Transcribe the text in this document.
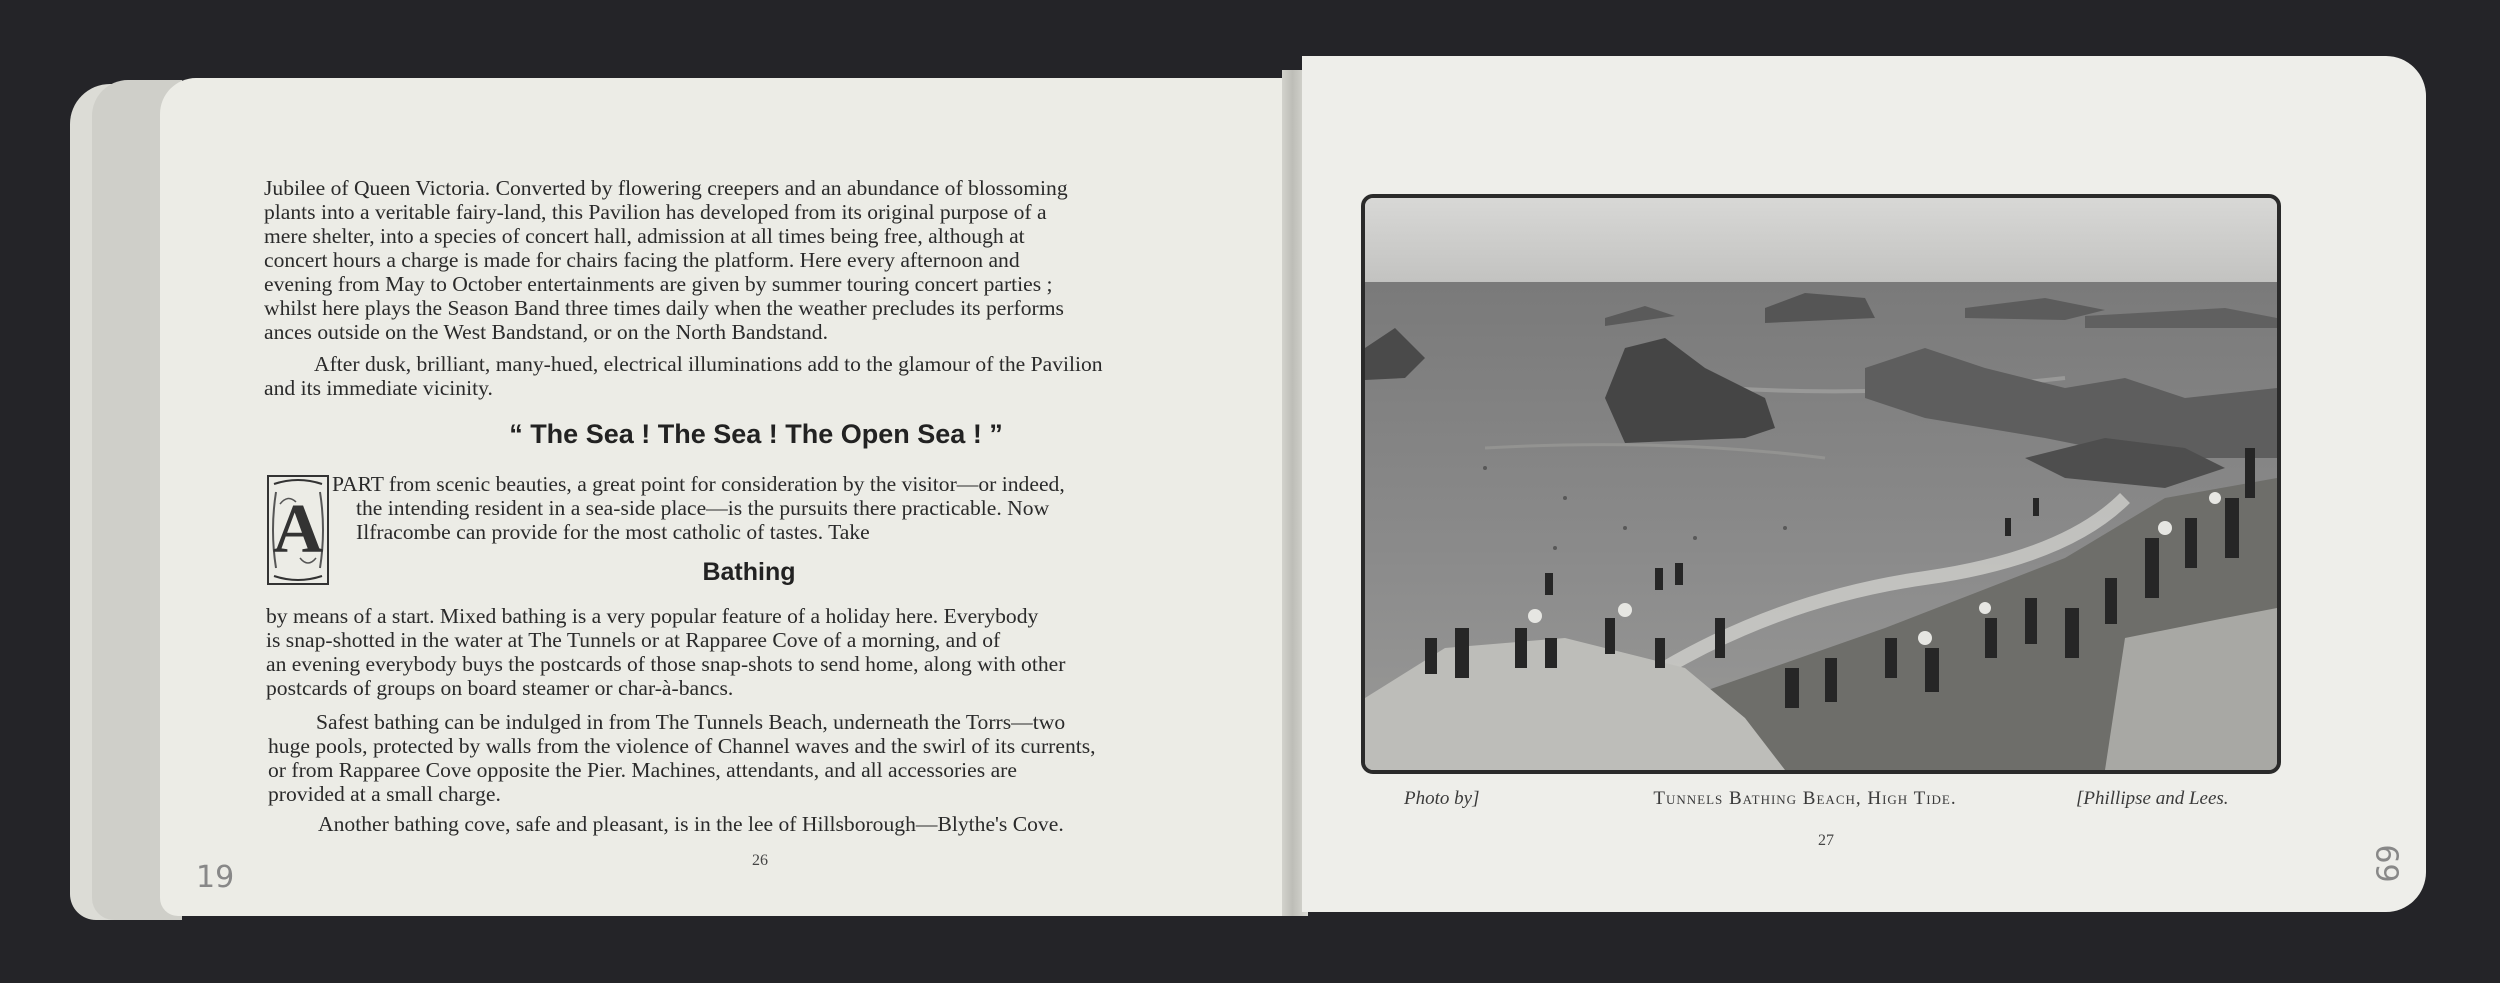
Jubilee of Queen Victoria. Converted by flowering creepers and an abundance of blossoming
plants into a veritable fairy-land, this Pavilion has developed from its original purpose of a
mere shelter, into a species of concert hall, admission at all times being free, although at
concert hours a charge is made for chairs facing the platform. Here every afternoon and
evening from May to October entertainments are given by summer touring concert parties ;
whilst here plays the Season Band three times daily when the weather precludes its performs
ances outside on the West Bandstand, or on the North Bandstand.

After dusk, brilliant, many-hued, electrical illuminations add to the glamour of the Pavilion
and its immediate vicinity.

“ The Sea ! The Sea ! The Open Sea ! ”
A

PART from scenic beauties, a great point for consideration by the visitor—or indeed,
the intending resident in a sea-side place—is the pursuits there practicable. Now
Ilfracombe can provide for the most catholic of tastes. Take

Bathing

by means of a start. Mixed bathing is a very popular feature of a holiday here. Everybody
is snap-shotted in the water at The Tunnels or at Rapparee Cove of a morning, and of
an evening everybody buys the postcards of those snap-shots to send home, along with other
postcards of groups on board steamer or char-à-bancs.

Safest bathing can be indulged in from The Tunnels Beach, underneath the Torrs—two
huge pools, protected by walls from the violence of Channel waves and the swirl of its currents,
or from Rapparee Cove opposite the Pier. Machines, attendants, and all accessories are
provided at a small charge.

Another bathing cove, safe and pleasant, is in the lee of Hillsborough—Blythe's Cove.

26
19
Photo by]	Tunnels Bathing Beach, High Tide.	[Phillipse and Lees.
27
69
